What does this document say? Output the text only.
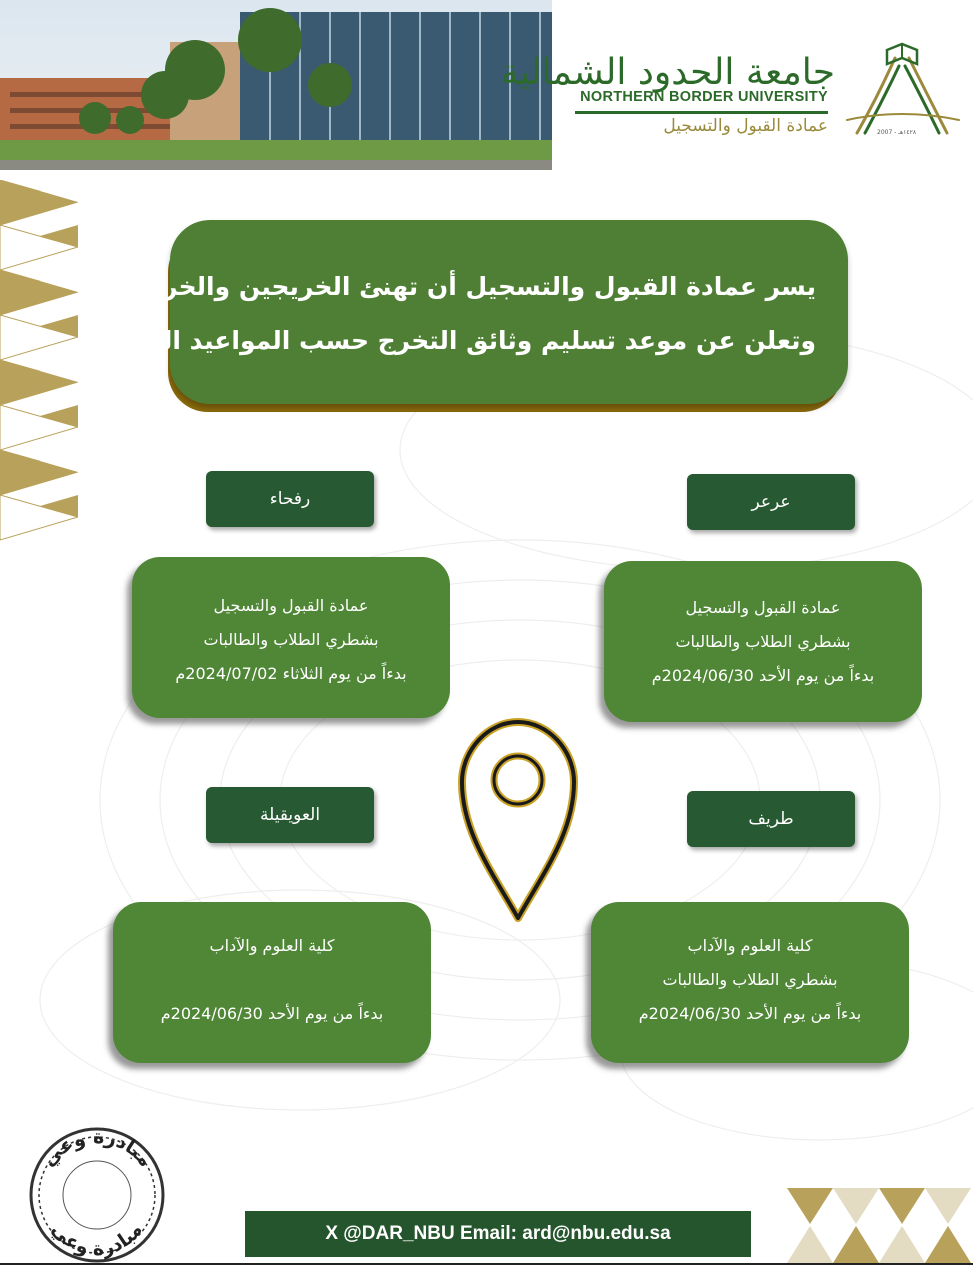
جامعة الحدود الشمالية
NORTHERN BORDER UNIVERSITY
عمادة القبول والتسجيل	2007 - ١٤٢٨هـ
يسر عمادة القبول والتسجيل أن تهنئ الخريجين والخريجات
وتعلن عن موعد تسليم وثائق التخرج حسب المواعيد التالية
عرعر
رفحاء
طريف
العويقيلة
عمادة القبول والتسجيل
بشطري الطلاب والطالبات
بدءاً من يوم الأحد 2024/06/30م
عمادة القبول والتسجيل
بشطري الطلاب والطالبات
بدءاً من يوم الثلاثاء 2024/07/02م
كلية العلوم والآداب
بشطري الطلاب والطالبات
بدءاً من يوم الأحد 2024/06/30م
كلية العلوم والآداب
بدءاً من يوم الأحد 2024/06/30م
مبادرة وعي
مبادرة وعي	X @DAR_NBU Email: ard@nbu.edu.sa
